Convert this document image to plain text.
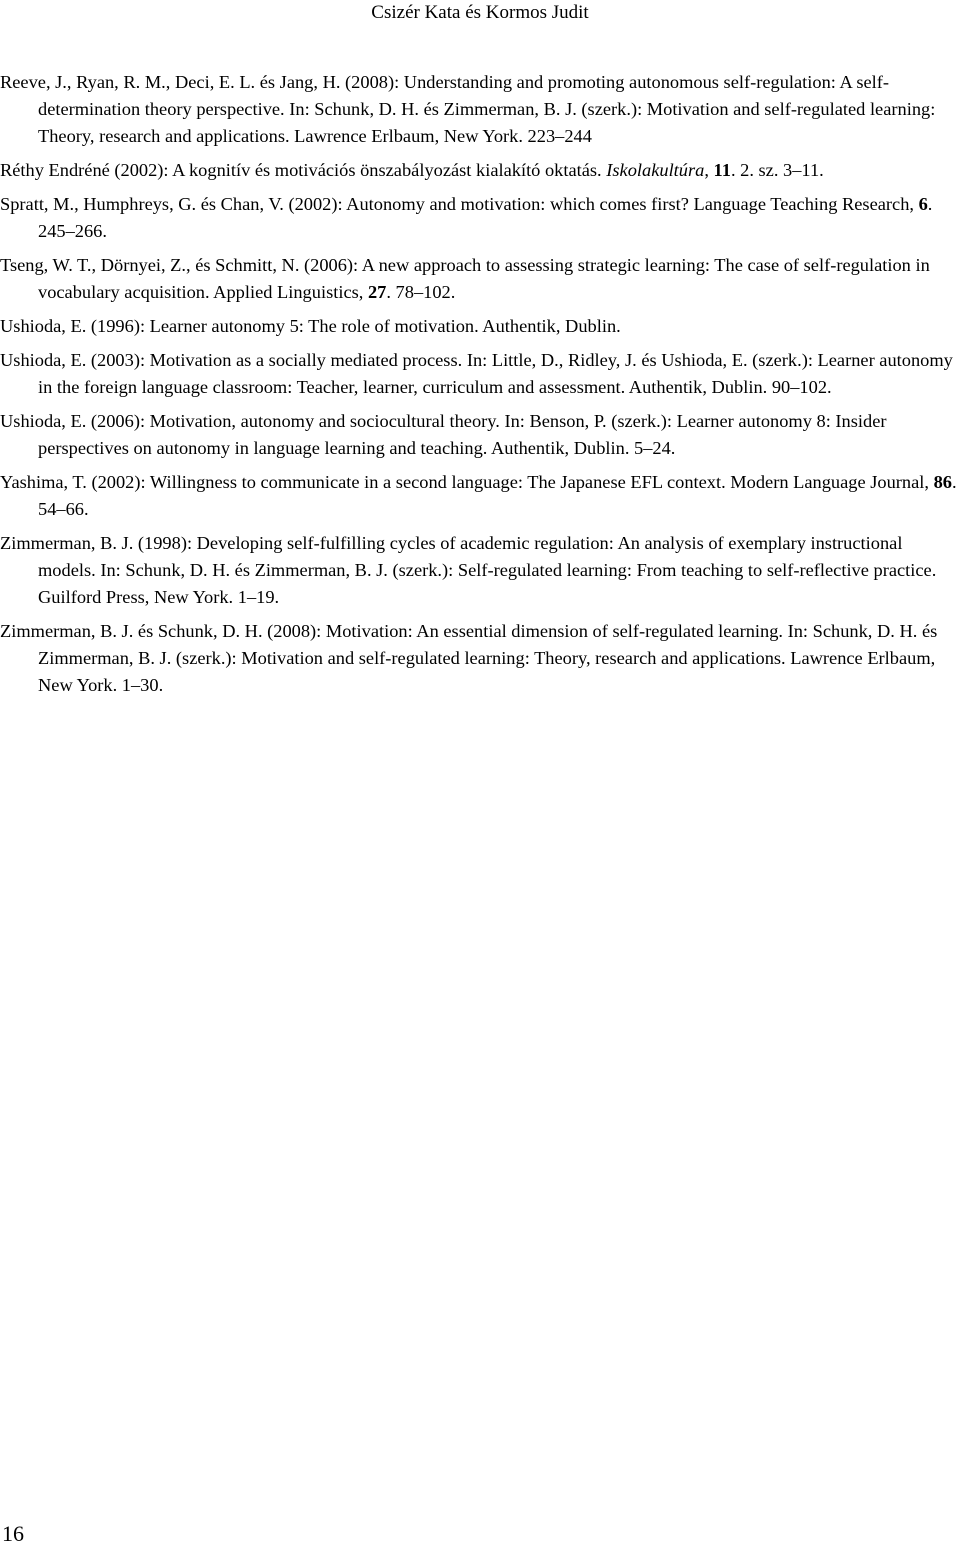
Csizér Kata és Kormos Judit

Reeve, J., Ryan, R. M., Deci, E. L. és Jang, H. (2008): Understanding and promoting autonomous self-regulation: A self-determination theory perspective. In: Schunk, D. H. és Zimmerman, B. J. (szerk.): Motivation and self-regulated learning: Theory, research and applications. Lawrence Erlbaum, New York. 223–244

Réthy Endréné (2002): A kognitív és motivációs önszabályozást kialakító oktatás. Iskolakultúra, 11. 2. sz. 3–11.

Spratt, M., Humphreys, G. és Chan, V. (2002): Autonomy and motivation: which comes first? Language Teaching Research, 6. 245–266.

Tseng, W. T., Dörnyei, Z., és Schmitt, N. (2006): A new approach to assessing strategic learning: The case of self-regulation in vocabulary acquisition. Applied Linguistics, 27. 78–102.

Ushioda, E. (1996): Learner autonomy 5: The role of motivation. Authentik, Dublin.

Ushioda, E. (2003): Motivation as a socially mediated process. In: Little, D., Ridley, J. és Ushioda, E. (szerk.): Learner autonomy in the foreign language classroom: Teacher, learner, curriculum and assessment. Authentik, Dublin. 90–102.

Ushioda, E. (2006): Motivation, autonomy and sociocultural theory. In: Benson, P. (szerk.): Learner autonomy 8: Insider perspectives on autonomy in language learning and teaching. Authentik, Dublin. 5–24.

Yashima, T. (2002): Willingness to communicate in a second language: The Japanese EFL context. Modern Language Journal, 86. 54–66.

Zimmerman, B. J. (1998): Developing self-fulfilling cycles of academic regulation: An analysis of exemplary instructional models. In: Schunk, D. H. és Zimmerman, B. J. (szerk.): Self-regulated learning: From teaching to self-reflective practice. Guilford Press, New York. 1–19.

Zimmerman, B. J. és Schunk, D. H. (2008): Motivation: An essential dimension of self-regulated learning. In: Schunk, D. H. és Zimmerman, B. J. (szerk.): Motivation and self-regulated learning: Theory, research and applications. Lawrence Erlbaum, New York. 1–30.

16
